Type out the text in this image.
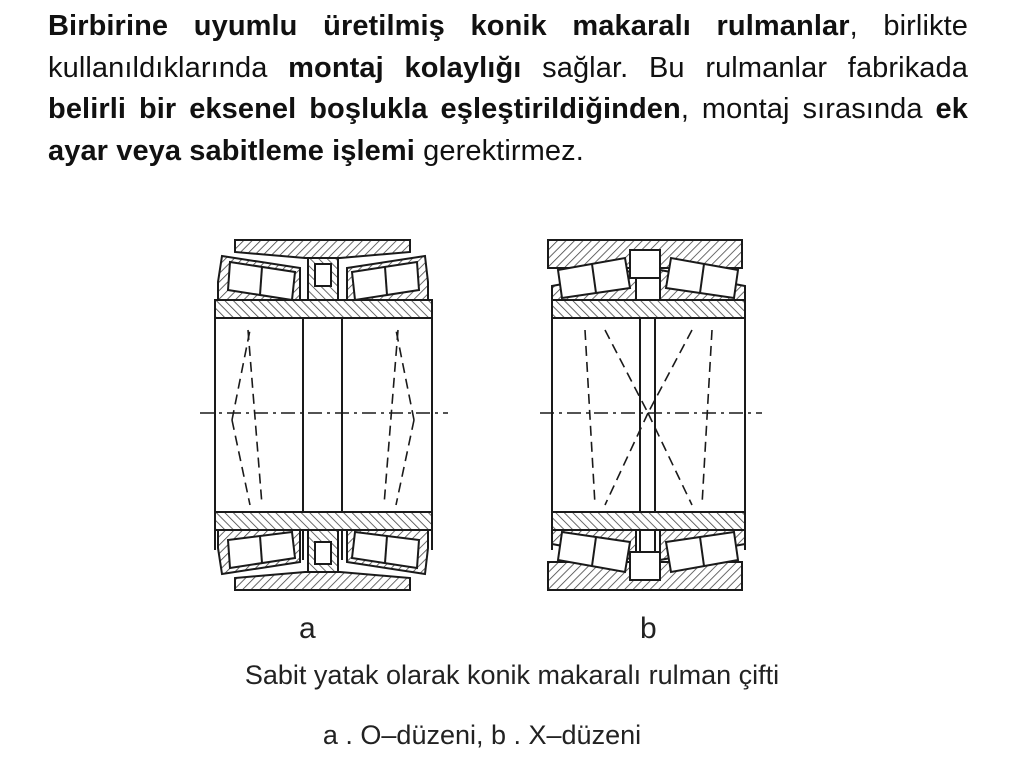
Birbirine uyumlu üretilmiş konik makaralı rulmanlar, birlikte kullanıldıklarında montaj kolaylığı sağlar. Bu rulmanlar fabrikada belirli bir eksenel boşlukla eşleştirildiğinden, montaj sırasında ek ayar veya sabitleme işlemi gerektirmez.
a	b
Sabit yatak olarak konik makaralı rulman çifti
a . O–düzeni, b . X–düzeni
